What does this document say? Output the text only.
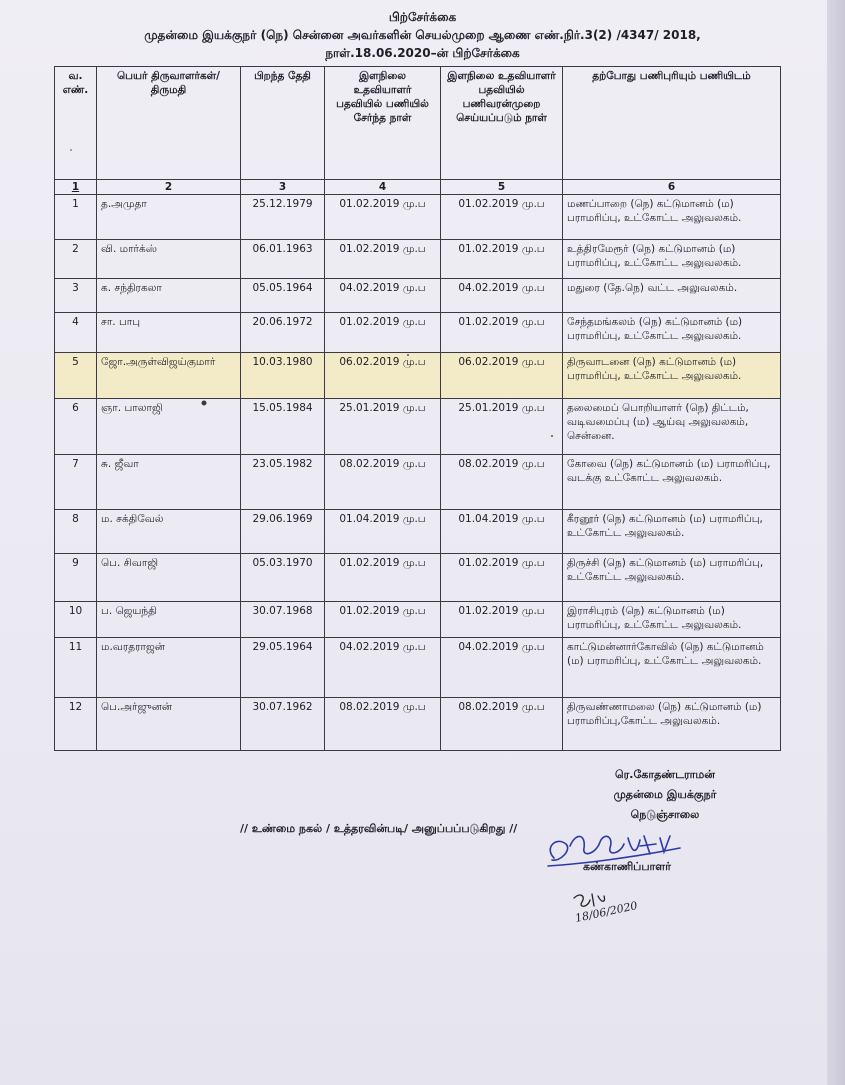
பிற்சேர்க்கை
முதன்மை இயக்குநர் (நெ) சென்னை அவர்களின் செயல்முறை ஆணை எண்.நிர்.3(2) /4347/ 2018,
நாள்.18.06.2020–ன் பிற்சேர்க்கை
வ. எண்.	பெயர் திருவாளர்கள்/ திருமதி	பிறந்த தேதி	இளநிலை உதவியாளர் பதவியில் பணியில் சேர்ந்த நாள்	இளநிலை உதவியாளர் பதவியில் பணிவரன்முறை செய்யப்படும் நாள்	தற்போது பணிபுரியும் பணியிடம்
1	2	3	4	5	6
1	த.அமுதா	25.12.1979	01.02.2019 மு.ப	01.02.2019 மு.ப	மணப்பாறை (நெ) கட்டுமானம் (ம) பராமரிப்பு, உட்கோட்ட அலுவலகம்.
2	வி. மார்க்ஸ்	06.01.1963	01.02.2019 மு.ப	01.02.2019 மு.ப	உத்திரமேரூர் (நெ) கட்டுமானம் (ம) பராமரிப்பு, உட்கோட்ட அலுவலகம்.
3	க. சந்திரகலா	05.05.1964	04.02.2019 மு.ப	04.02.2019 மு.ப	மதுரை (தே.நெ) வட்ட அலுவலகம்.
4	சா. பாபு	20.06.1972	01.02.2019 மு.ப	01.02.2019 மு.ப	சேந்தமங்கலம் (நெ) கட்டுமானம் (ம) பராமரிப்பு, உட்கோட்ட அலுவலகம்.
5	ஜோ.அருள்விஜய்குமார்	10.03.1980	06.02.2019 மு.ப	06.02.2019 மு.ப	திருவாடனை (நெ) கட்டுமானம் (ம) பராமரிப்பு, உட்கோட்ட அலுவலகம்.
6	ஞா. பாலாஜி	15.05.1984	25.01.2019 மு.ப	25.01.2019 மு.ப	தலைமைப் பொறியாளர் (நெ) திட்டம், வடிவமைப்பு (ம) ஆய்வு அலுவலகம், சென்னை.
7	சு. ஜீவா	23.05.1982	08.02.2019 மு.ப	08.02.2019 மு.ப	கோவை (நெ) கட்டுமானம் (ம) பராமரிப்பு, வடக்கு உட்கோட்ட அலுவலகம்.
8	ம. சக்திவேல்	29.06.1969	01.04.2019 மு.ப	01.04.2019 மு.ப	கீரனூர் (நெ) கட்டுமானம் (ம) பராமரிப்பு, உட்கோட்ட அலுவலகம்.
9	பெ. சிவாஜி	05.03.1970	01.02.2019 மு.ப	01.02.2019 மு.ப	திருச்சி (நெ) கட்டுமானம் (ம) பராமரிப்பு, உட்கோட்ட அலுவலகம்.
10	ப. ஜெயந்தி	30.07.1968	01.02.2019 மு.ப	01.02.2019 மு.ப	இராசிபுரம் (நெ) கட்டுமானம் (ம) பராமரிப்பு, உட்கோட்ட அலுவலகம்.
11	ம.வரதராஜன்	29.05.1964	04.02.2019 மு.ப	04.02.2019 மு.ப	காட்டுமன்னார்கோவில் (நெ) கட்டுமானம் (ம) பராமரிப்பு, உட்கோட்ட அலுவலகம்.
12	பெ.அர்ஜுனன்	30.07.1962	08.02.2019 மு.ப	08.02.2019 மு.ப	திருவண்ணாமலை (நெ) கட்டுமானம் (ம) பராமரிப்பு,கோட்ட அலுவலகம்.
ரெ.கோதண்டராமன்
முதன்மை இயக்குநர்
நெடுஞ்சாலை
// உண்மை நகல் / உத்தரவின்படி/ அனுப்பப்படுகிறது //
கண்காணிப்பாளர்
18/06/2020
